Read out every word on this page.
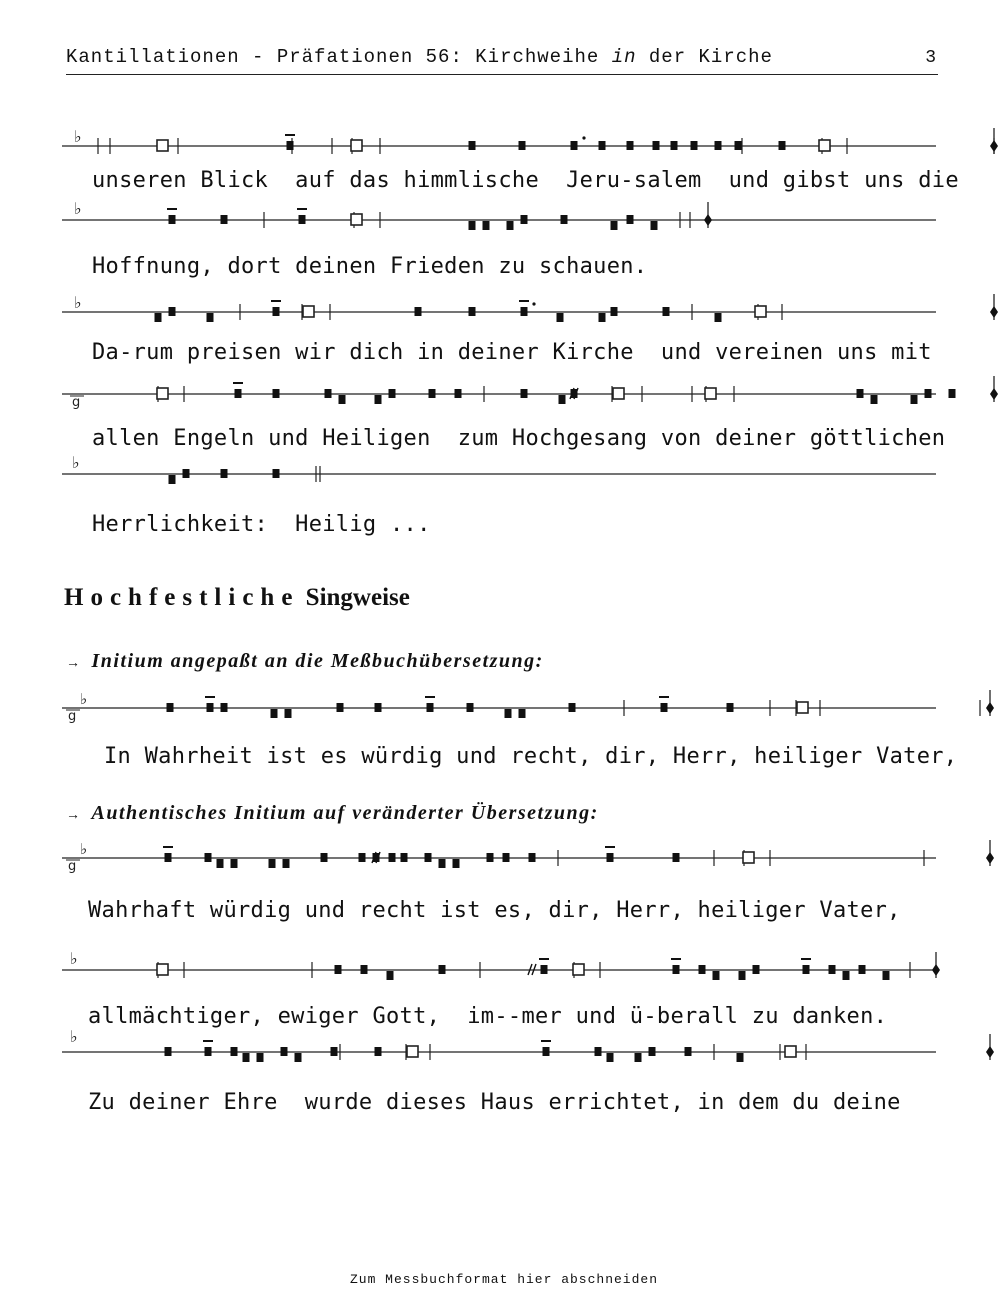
Kantillationen - Präfationen 56: Kirchweihe in der Kirche	3
♭
unseren Blick  auf das himmlische  Jeru-salem  und gibst uns die
♭
Hoffnung, dort deinen Frieden zu schauen.
♭
Da-rum preisen wir dich in deiner Kirche  und vereinen uns mit
g
allen Engeln und Heiligen  zum Hochgesang von deiner göttlichen
♭
Herrlichkeit:  Heilig ...
Hochfestliche Singweise
→ Initium angepaßt an die Meßbuchübersetzung:
♭
g
In Wahrheit ist es würdig und recht, dir, Herr, heiliger Vater,
→ Authentisches Initium auf veränderter Übersetzung:
♭
g
Wahrhaft würdig und recht ist es, dir, Herr, heiliger Vater,
♭
allmächtiger, ewiger Gott,  im--mer und ü-berall zu danken.
♭
Zu deiner Ehre  wurde dieses Haus errichtet, in dem du deine
Zum Messbuchformat hier abschneiden
